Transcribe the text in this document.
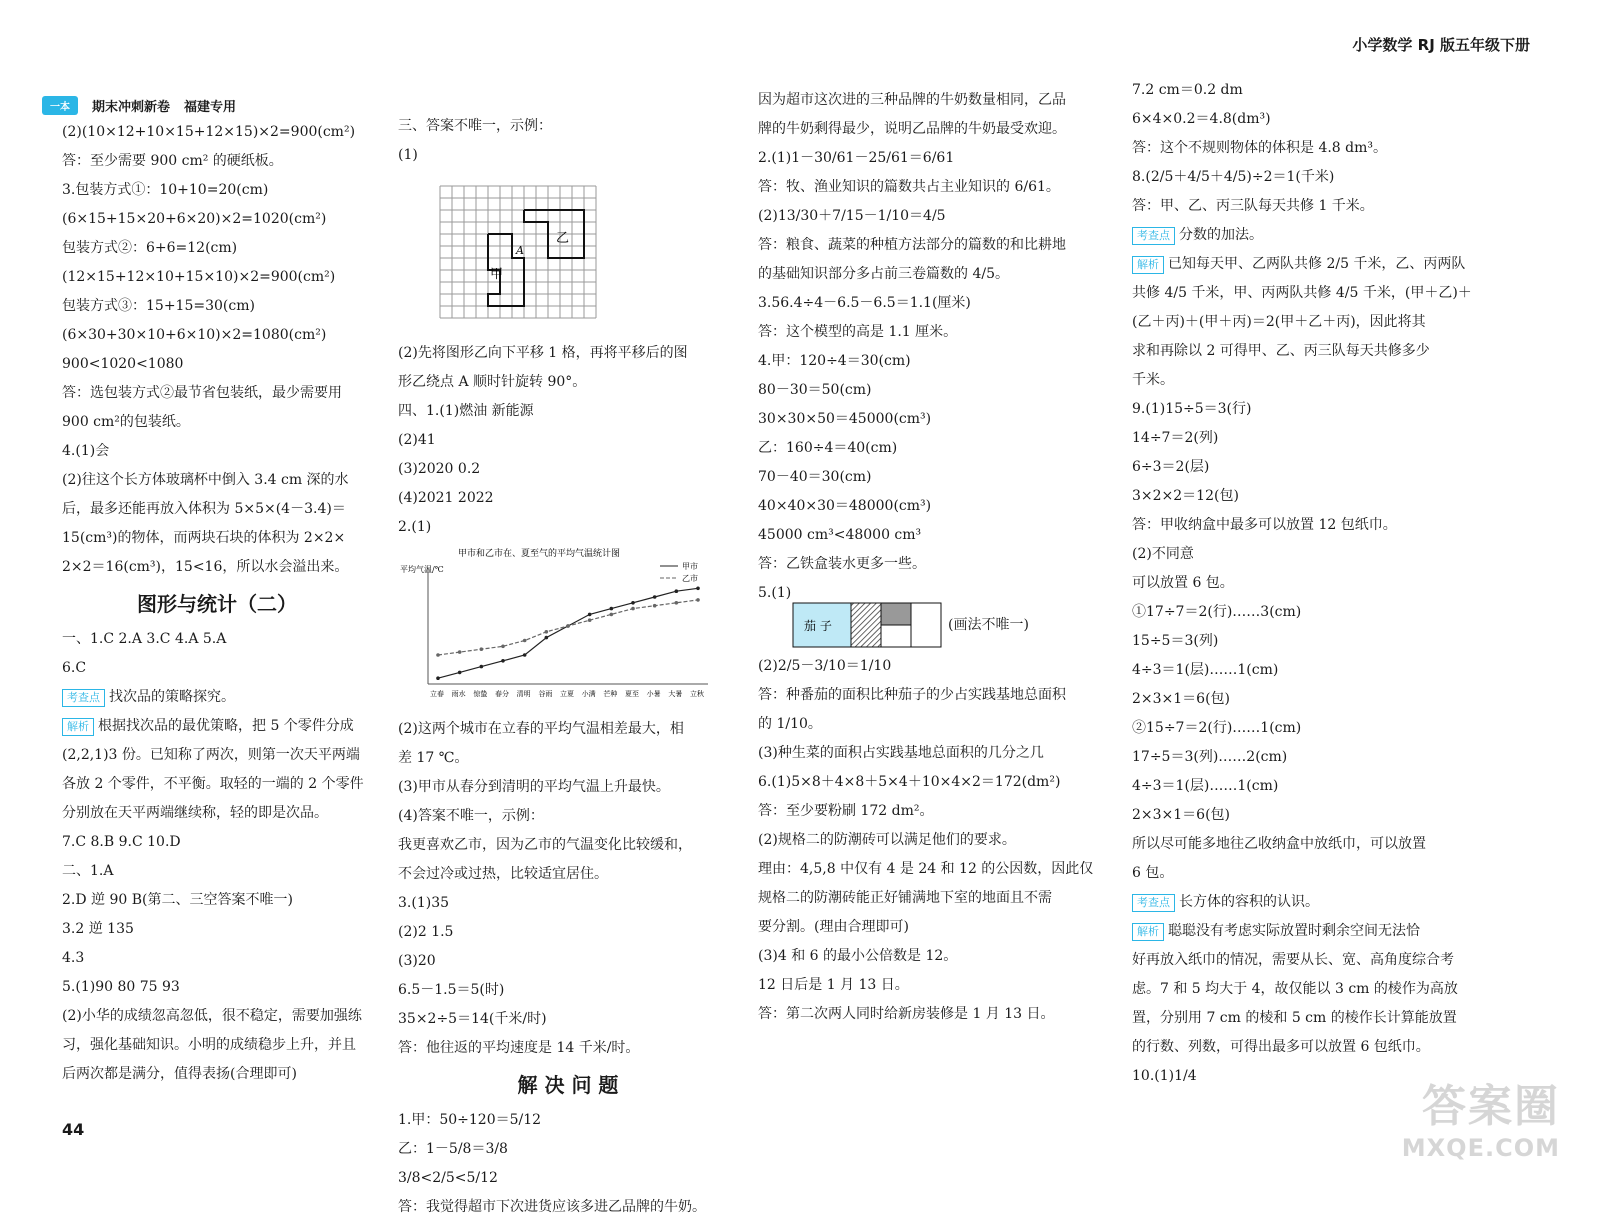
小学数学 RJ 版五年级下册
一本	期末冲刺新卷 福建专用
(2)(10×12+10×15+12×15)×2=900(cm²)
答：至少需要 900 cm² 的硬纸板。
3.包装方式①：10+10=20(cm)
(6×15+15×20+6×20)×2=1020(cm²)
包装方式②：6+6=12(cm)
(12×15+12×10+15×10)×2=900(cm²)
包装方式③：15+15=30(cm)
(6×30+30×10+6×10)×2=1080(cm²)
900<1020<1080
答：选包装方式②最节省包装纸，最少需要用
900 cm²的包装纸。
4.(1)会
(2)往这个长方体玻璃杯中倒入 3.4 cm 深的水
后，最多还能再放入体积为 5×5×(4－3.4)＝
15(cm³)的物体，而两块石块的体积为 2×2×
2×2＝16(cm³)，15<16，所以水会溢出来。
图形与统计（二）
一、1.C 2.A 3.C 4.A 5.A
6.C
考查点 找次品的策略探究。
解析 根据找次品的最优策略，把 5 个零件分成
(2,2,1)3 份。已知称了两次，则第一次天平两端
各放 2 个零件，不平衡。取轻的一端的 2 个零件
分别放在天平两端继续称，轻的即是次品。
7.C 8.B 9.C 10.D
二、1.A
2.D 逆 90 B(第二、三空答案不唯一)
3.2 逆 135
4.3
5.(1)90 80 75 93
(2)小华的成绩忽高忽低，很不稳定，需要加强练
习，强化基础知识。小明的成绩稳步上升，并且
后两次都是满分，值得表扬(合理即可)
三、答案不唯一，示例：
(1)
甲
乙
A
(2)先将图形乙向下平移 1 格，再将平移后的图
形乙绕点 A 顺时针旋转 90°。
四、1.(1)燃油 新能源
(2)41
(3)2020 0.2
(4)2021 2022
2.(1)
甲市和乙市在、夏至气的平均气温统计图
平均气温/℃
立春 雨水 惊蛰 春分 清明 谷雨 立夏 小满 芒种 夏至 小暑 大暑 立秋
甲市
乙市
(2)这两个城市在立春的平均气温相差最大，相
差 17 ℃。
(3)甲市从春分到清明的平均气温上升最快。
(4)答案不唯一，示例：
我更喜欢乙市，因为乙市的气温变化比较缓和，
不会过冷或过热，比较适宜居住。
3.(1)35
(2)2 1.5
(3)20
6.5－1.5＝5(时)
35×2÷5＝14(千米/时)
答：他往返的平均速度是 14 千米/时。
解 决 问 题
1.甲：50÷120＝5/12
乙：1－5/8＝3/8
3/8<2/5<5/12
答：我觉得超市下次进货应该多进乙品牌的牛奶。
因为超市这次进的三种品牌的牛奶数量相同，乙品
牌的牛奶剩得最少，说明乙品牌的牛奶最受欢迎。
2.(1)1－30/61－25/61＝6/61
答：牧、渔业知识的篇数共占主业知识的 6/61。
(2)13/30＋7/15－1/10＝4/5
答：粮食、蔬菜的种植方法部分的篇数的和比耕地
的基础知识部分多占前三卷篇数的 4/5。
3.56.4÷4－6.5－6.5＝1.1(厘米)
答：这个模型的高是 1.1 厘米。
4.甲：120÷4＝30(cm)
80－30＝50(cm)
30×30×50＝45000(cm³)
乙：160÷4＝40(cm)
70－40＝30(cm)
40×40×30＝48000(cm³)
45000 cm³<48000 cm³
答：乙铁盒装水更多一些。
5.(1)
茄 子	(画法不唯一)
(2)2/5－3/10＝1/10
答：种番茄的面积比种茄子的少占实践基地总面积
的 1/10。
(3)种生菜的面积占实践基地总面积的几分之几
6.(1)5×8＋4×8＋5×4＋10×4×2＝172(dm²)
答：至少要粉刷 172 dm²。
(2)规格二的防潮砖可以满足他们的要求。
理由：4,5,8 中仅有 4 是 24 和 12 的公因数，因此仅
规格二的防潮砖能正好铺满地下室的地面且不需
要分割。(理由合理即可)
(3)4 和 6 的最小公倍数是 12。
12 日后是 1 月 13 日。
答：第二次两人同时给新房装修是 1 月 13 日。
7.2 cm＝0.2 dm
6×4×0.2＝4.8(dm³)
答：这个不规则物体的体积是 4.8 dm³。
8.(2/5＋4/5＋4/5)÷2＝1(千米)
答：甲、乙、丙三队每天共修 1 千米。
考查点 分数的加法。
解析 已知每天甲、乙两队共修 2/5 千米，乙、丙两队
共修 4/5 千米，甲、丙两队共修 4/5 千米，(甲＋乙)＋
(乙＋丙)＋(甲＋丙)＝2(甲＋乙＋丙)，因此将其
求和再除以 2 可得甲、乙、丙三队每天共修多少
千米。
9.(1)15÷5＝3(行)
14÷7＝2(列)
6÷3＝2(层)
3×2×2＝12(包)
答：甲收纳盒中最多可以放置 12 包纸巾。
(2)不同意
可以放置 6 包。
①17÷7＝2(行)……3(cm)
15÷5＝3(列)
4÷3＝1(层)……1(cm)
2×3×1＝6(包)
②15÷7＝2(行)……1(cm)
17÷5＝3(列)……2(cm)
4÷3＝1(层)……1(cm)
2×3×1＝6(包)
所以尽可能多地往乙收纳盒中放纸巾，可以放置
6 包。
考查点 长方体的容积的认识。
解析 聪聪没有考虑实际放置时剩余空间无法恰
好再放入纸巾的情况，需要从长、宽、高角度综合考
虑。7 和 5 均大于 4，故仅能以 3 cm 的棱作为高放
置，分别用 7 cm 的棱和 5 cm 的棱作长计算能放置
的行数、列数，可得出最多可以放置 6 包纸巾。
10.(1)1/4
44	答案圈
MXQE.COM
